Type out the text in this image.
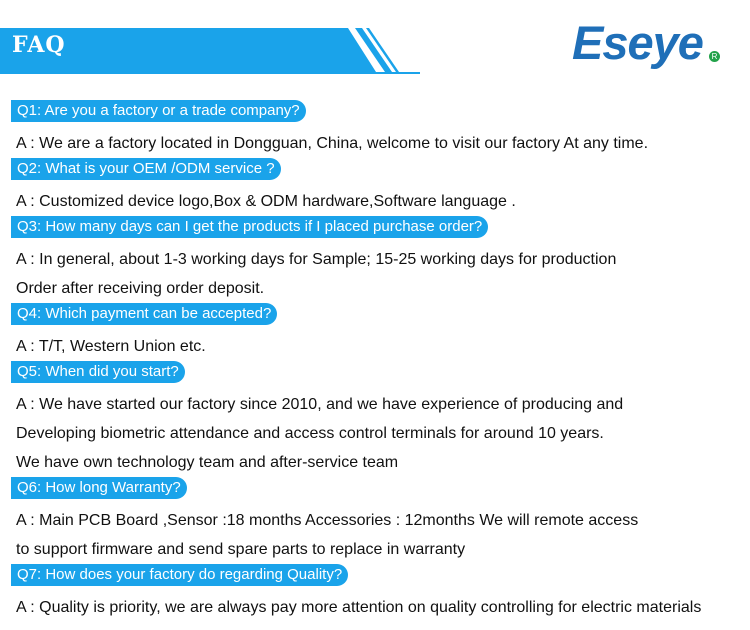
FAQ	Eseye	R
Q1: Are you a factory or a trade company?
A : We are a factory located in Dongguan, China, welcome to visit our factory At any time.
Q2: What is your OEM /ODM service ?
A : Customized device logo,Box & ODM hardware,Software language .
Q3: How many days can I get the products if I placed purchase order?
A : In general, about 1-3 working days for Sample; 15-25 working days for production
Order after receiving order deposit.
Q4: Which payment can be accepted?
A : T/T, Western Union etc.
Q5: When did you start?
A : We have started our factory since 2010, and we have experience of producing and
Developing biometric attendance and access control terminals for around 10 years.
We have own technology team and after-service team
Q6: How long Warranty?
A : Main PCB Board ,Sensor :18 months Accessories : 12months We will remote access
to support firmware and send spare parts to replace in warranty
Q7: How does your factory do regarding Quality?
A : Quality is priority, we are always pay more attention on quality controlling for electric materials
